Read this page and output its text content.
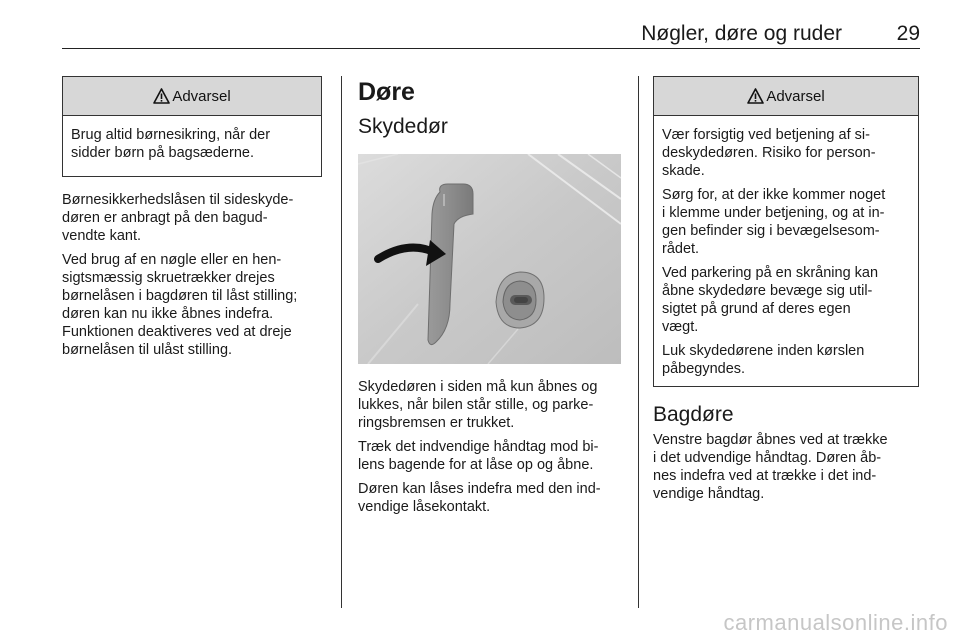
Nøgler, døre og ruder	29
Advarsel

Brug altid børnesikring, når der
sidder børn på bagsæderne.

Børnesikkerhedslåsen til sideskyde-
døren er anbragt på den bagud-
vendte kant.

Ved brug af en nøgle eller en hen-
sigtsmæssig skruetrækker drejes
børnelåsen i bagdøren til låst stilling;
døren kan nu ikke åbnes indefra.
Funktionen deaktiveres ved at dreje
børnelåsen til ulåst stilling.

Døre
Skydedør

Skydedøren i siden må kun åbnes og
lukkes, når bilen står stille, og parke-
ringsbremsen er trukket.

Træk det indvendige håndtag mod bi-
lens bagende for at låse op og åbne.

Døren kan låses indefra med den ind-
vendige låsekontakt.

Advarsel

Vær forsigtig ved betjening af si-
deskydedøren. Risiko for person-
skade.

Sørg for, at der ikke kommer noget
i klemme under betjening, og at in-
gen befinder sig i bevægelsesom-
rådet.

Ved parkering på en skråning kan
åbne skydedøre bevæge sig util-
sigtet på grund af deres egen
vægt.

Luk skydedørene inden kørslen
påbegyndes.

Bagdøre

Venstre bagdør åbnes ved at trække
i det udvendige håndtag. Døren åb-
nes indefra ved at trække i det ind-
vendige håndtag.

carmanualsonline.info
